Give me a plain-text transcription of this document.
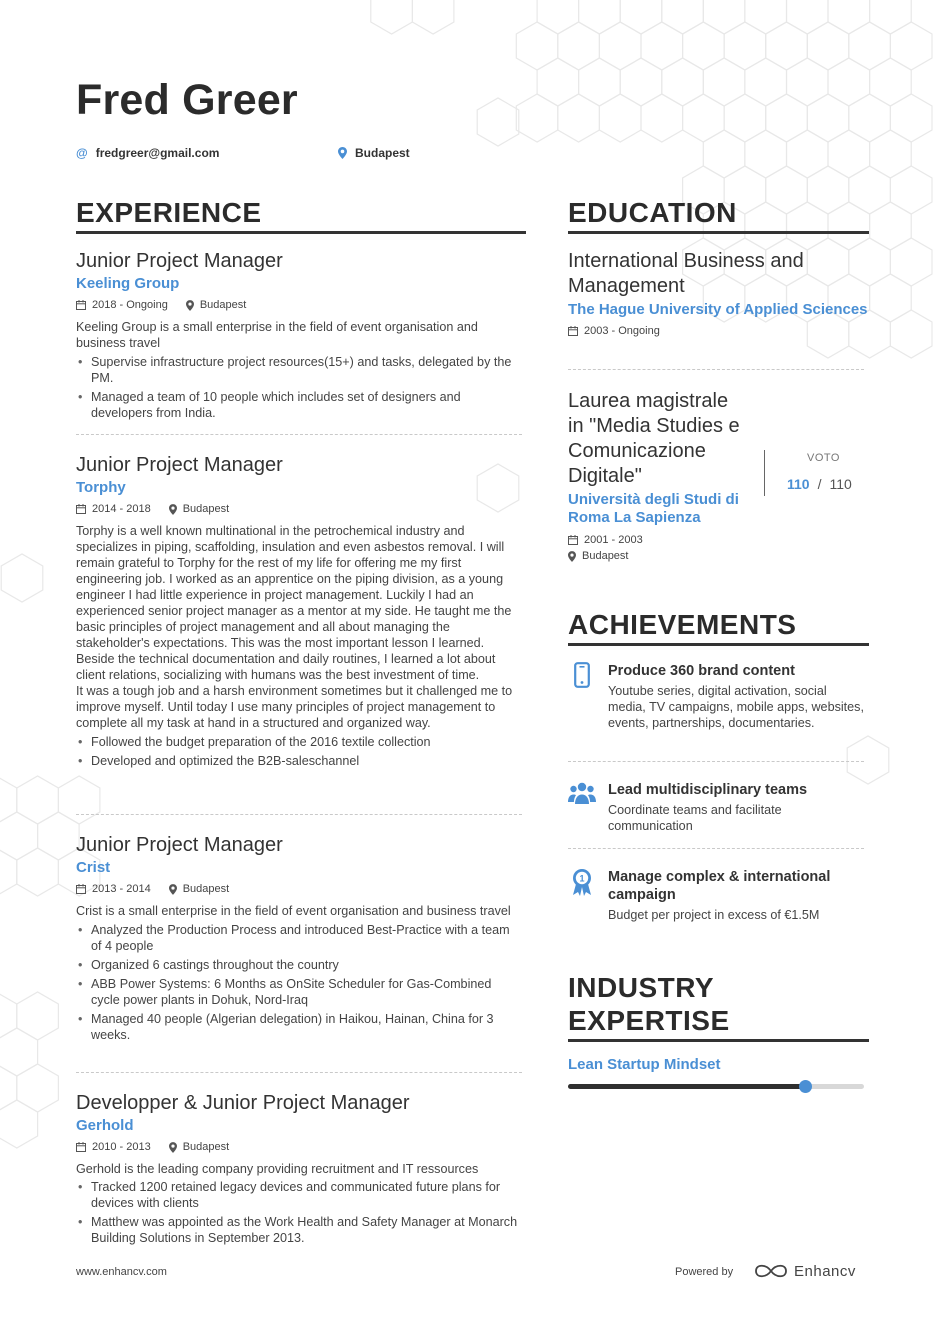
Fred Greer
@ fredgreer@gmail.com	Budapest
EXPERIENCE
Junior Project Manager
Keeling Group
2018 - Ongoing	Budapest
Keeling Group is a small enterprise in the field of event organisation and business travel
• Supervise infrastructure project resources(15+) and tasks, delegated by the PM.
• Managed a team of 10 people which includes set of designers and developers from India.
Junior Project Manager
Torphy
2014 - 2018	Budapest
Torphy is a well known multinational in the petrochemical industry and specializes in piping, scaffolding, insulation and even asbestos removal. I will remain grateful to Torphy for the rest of my life for offering me my first engineering job. I worked as an apprentice on the piping division, as a young engineer I had little experience in project management. Luckily I had an experienced senior project manager as a mentor at my side. He taught me the basic principles of project management and all about managing the stakeholder's expectations. This was the most important lesson I learned. Beside the technical documentation and daily routines, I learned a lot about client relations, socializing with humans was the best investment of time.
It was a tough job and a harsh environment sometimes but it challenged me to improve myself. Until today I use many principles of project management to complete all my task at hand in a structured and organized way.
• Followed the budget preparation of the 2016 textile collection
• Developed and optimized the B2B-saleschannel
Junior Project Manager
Crist
2013 - 2014	Budapest
Crist is a small enterprise in the field of event organisation and business travel
• Analyzed the Production Process and introduced Best-Practice with a team of 4 people
• Organized 6 castings throughout the country
• ABB Power Systems: 6 Months as OnSite Scheduler for Gas-Combined cycle power plants in Dohuk, Nord-Iraq
• Managed 40 people (Algerian delegation) in Haikou, Hainan, China for 3 weeks.
Developper & Junior Project Manager
Gerhold
2010 - 2013	Budapest
Gerhold is the leading company providing recruitment and IT ressources
• Tracked 1200 retained legacy devices and communicated future plans for devices with clients
• Matthew was appointed as the Work Health and Safety Manager at Monarch Building Solutions in September 2013.
EDUCATION
International Business and Management
The Hague University of Applied Sciences
2003 - Ongoing
Laurea magistrale in "Media Studies e Comunicazione Digitale"
Università degli Studi di Roma La Sapienza
2001 - 2003
Budapest
VOTO
110 / 110
ACHIEVEMENTS
Produce 360 brand content
Youtube series, digital activation, social media, TV campaigns, mobile apps, websites, events, partnerships, documentaries.
Lead multidisciplinary teams
Coordinate teams and facilitate communication
1 Manage complex & international campaign
Budget per project in excess of €1.5M
INDUSTRY
EXPERTISE
Lean Startup Mindset
www.enhancv.com	Powered by	Enhancv
